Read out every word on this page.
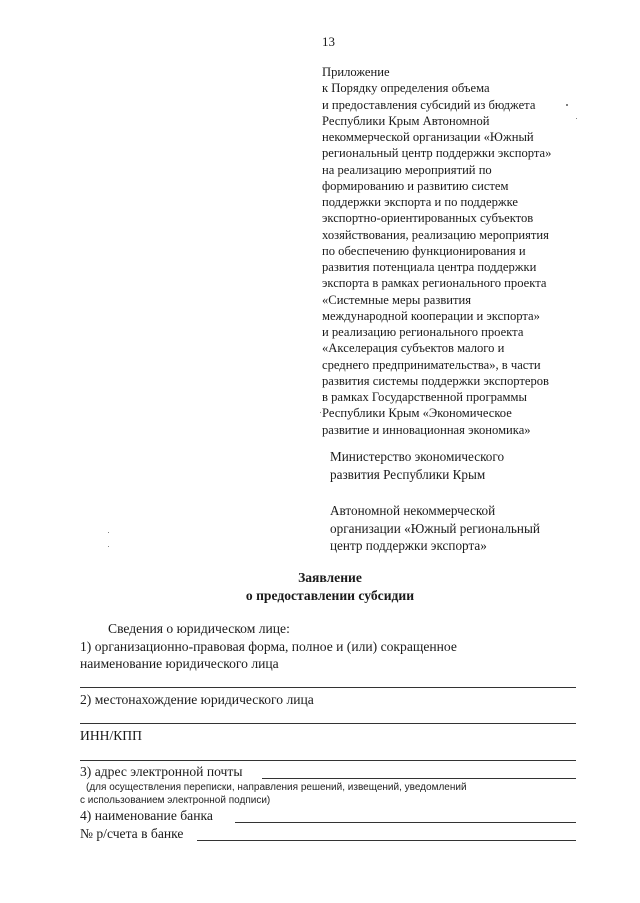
13
Приложение
к Порядку определения объема
и предоставления субсидий из бюджета
Республики Крым Автономной
некоммерческой организации «Южный
региональный центр поддержки экспорта»
на реализацию мероприятий по
формированию и развитию систем
поддержки экспорта и по поддержке
экспортно-ориентированных субъектов
хозяйствования, реализацию мероприятия
по обеспечению функционирования и
развития потенциала центра поддержки
экспорта в рамках регионального проекта
«Системные меры развития
международной кооперации и экспорта»
и реализацию регионального проекта
«Акселерация субъектов малого и
среднего предпринимательства», в части
развития системы поддержки экспортеров
в рамках Государственной программы
Республики Крым «Экономическое
развитие и инновационная экономика»
Министерство экономического
развития Республики Крым
Автономной некоммерческой
организации «Южный региональный
центр поддержки экспорта»
Заявление
о предоставлении субсидии
Сведения о юридическом лице:
1) организационно-правовая форма, полное и (или) сокращенное
наименование юридического лица
2) местонахождение юридического лица
ИНН/КПП
3) адрес электронной почты
(для осуществления переписки, направления решений, извещений, уведомлений
с использованием электронной подписи)
4) наименование банка
№ р/счета в банке
